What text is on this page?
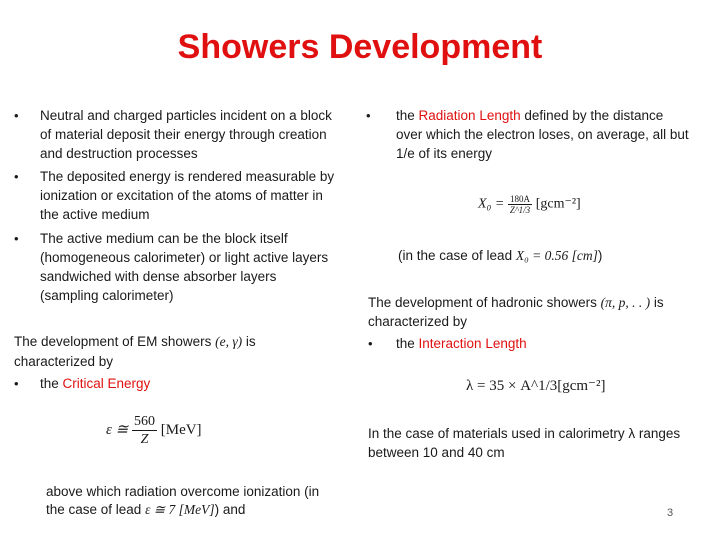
Showers Development
• Neutral and charged particles incident on a block
of material deposit their energy through creation
and destruction processes
• The deposited energy is rendered measurable by
ionization or excitation of the atoms of matter in
the active medium
• The active medium can be the block itself
(homogeneous calorimeter) or light active layers
sandwiched with dense absorber layers
(sampling calorimeter)
The development of EM showers (e, γ) is
characterized by
• the Critical Energy
ε ≅ $\frac{560}{Z} [MeV]$
above which radiation overcome ionization (in
the case of lead ε ≅ 7 [MeV]) and
• the Radiation Length defined by the distance
over which the electron loses, on average, all but
1/e of its energy
$X_0 = \frac{180A}{Z\^{}1/3} [gcm^{-2}]$
(in the case of lead X₀ = 0.56 [cm])
The development of hadronic showers (π, p, . . ) is
characterized by
• the Interaction Length
λ = 35 × A^1/3[gcm⁻²]
In the case of materials used in calorimetry λ ranges
between 10 and 40 cm
3
